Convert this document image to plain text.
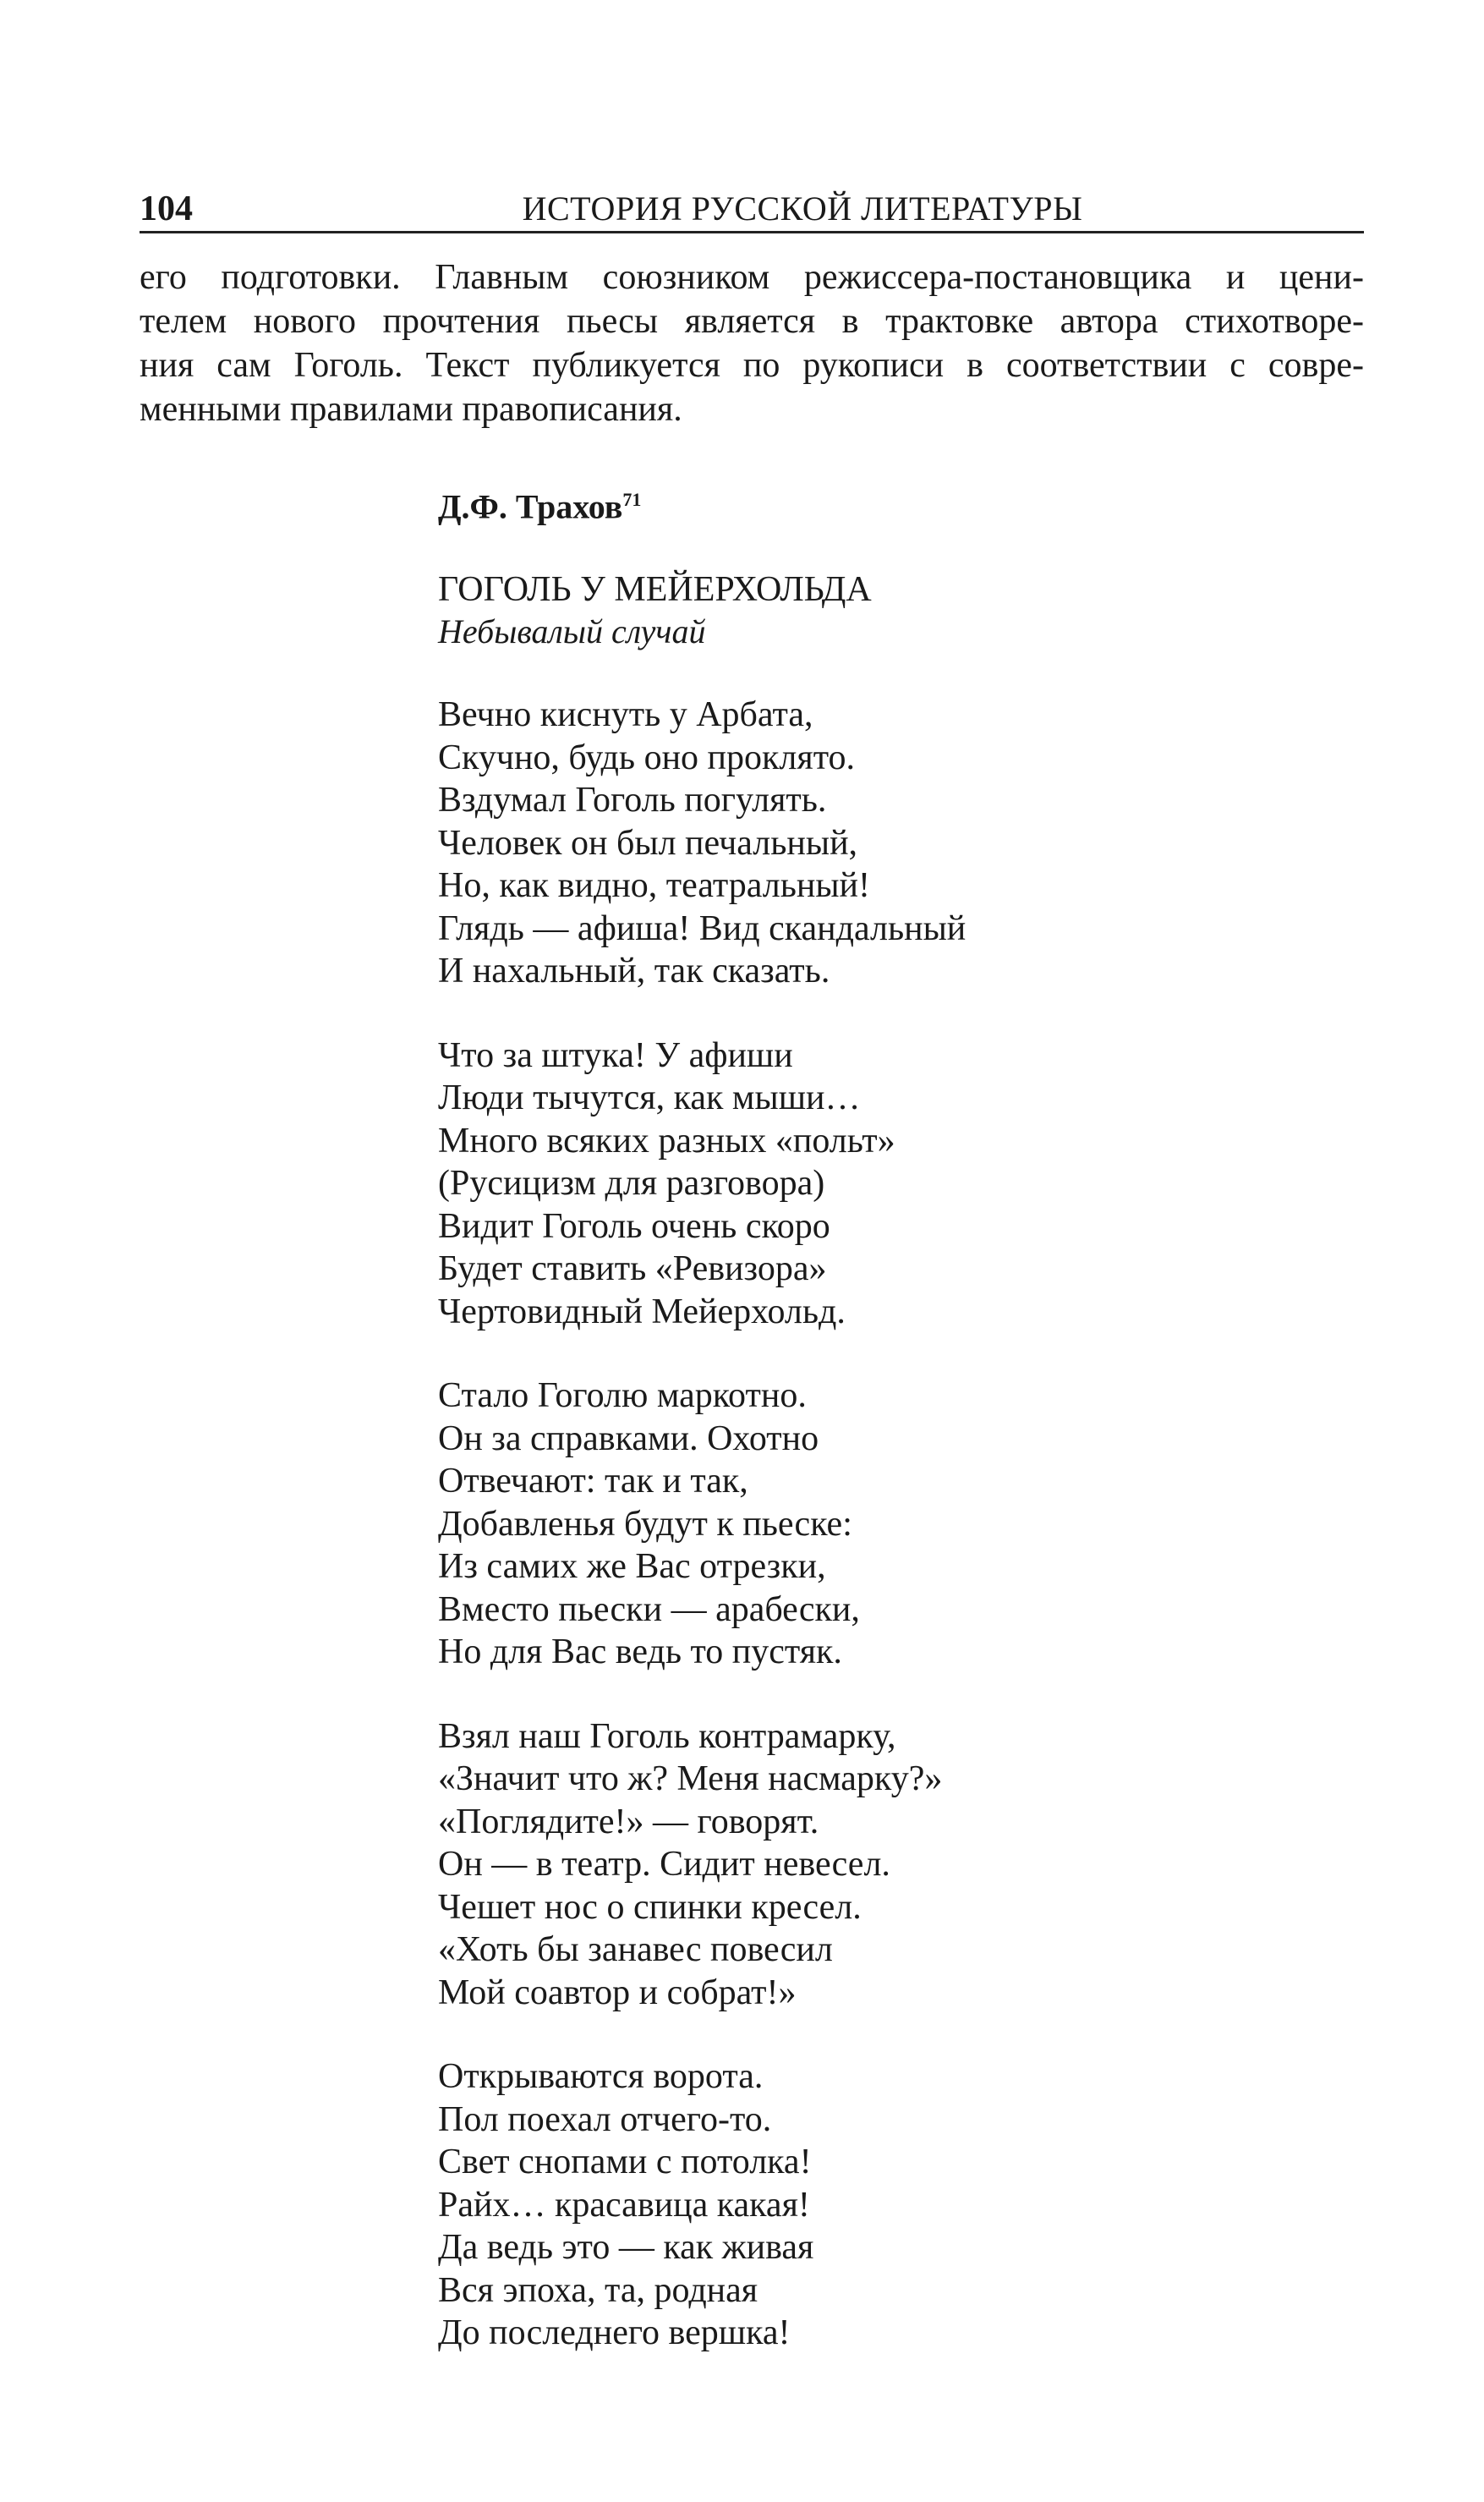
104	ИСТОРИЯ РУССКОЙ ЛИТЕРАТУРЫ
его подготовки. Главным союзником режиссера-постановщика и цени-
телем нового прочтения пьесы является в трактовке автора стихотворе-
ния сам Гоголь. Текст публикуется по рукописи в соответствии с совре-
менными правилами правописания.

Д.Ф. Трахов$^{71}$

ГОГОЛЬ У МЕЙЕРХОЛЬДА

Небывалый случай

Вечно киснуть у Арбата,
Скучно, будь оно проклято.
Вздумал Гоголь погулять.
Человек он был печальный,
Но, как видно, театральный!
Глядь — афиша! Вид скандальный
И нахальный, так сказать.
Что за штука! У афиши
Люди тычутся, как мыши…
Много всяких разных «польт»
(Русицизм для разговора)
Видит Гоголь очень скоро
Будет ставить «Ревизора»
Чертовидный Мейерхольд.
Стало Гоголю маркотно.
Он за справками. Охотно
Отвечают: так и так,
Добавленья будут к пьеске:
Из самих же Вас отрезки,
Вместо пьески — арабески,
Но для Вас ведь то пустяк.
Взял наш Гоголь контрамарку,
«Значит что ж? Меня насмарку?»
«Поглядите!» — говорят.
Он — в театр. Сидит невесел.
Чешет нос о спинки кресел.
«Хоть бы занавес повесил
Мой соавтор и собрат!»
Открываются ворота.
Пол поехал отчего-то.
Свет снопами с потолка!
Райх… красавица какая!
Да ведь это — как живая
Вся эпоха, та, родная
До последнего вершка!
